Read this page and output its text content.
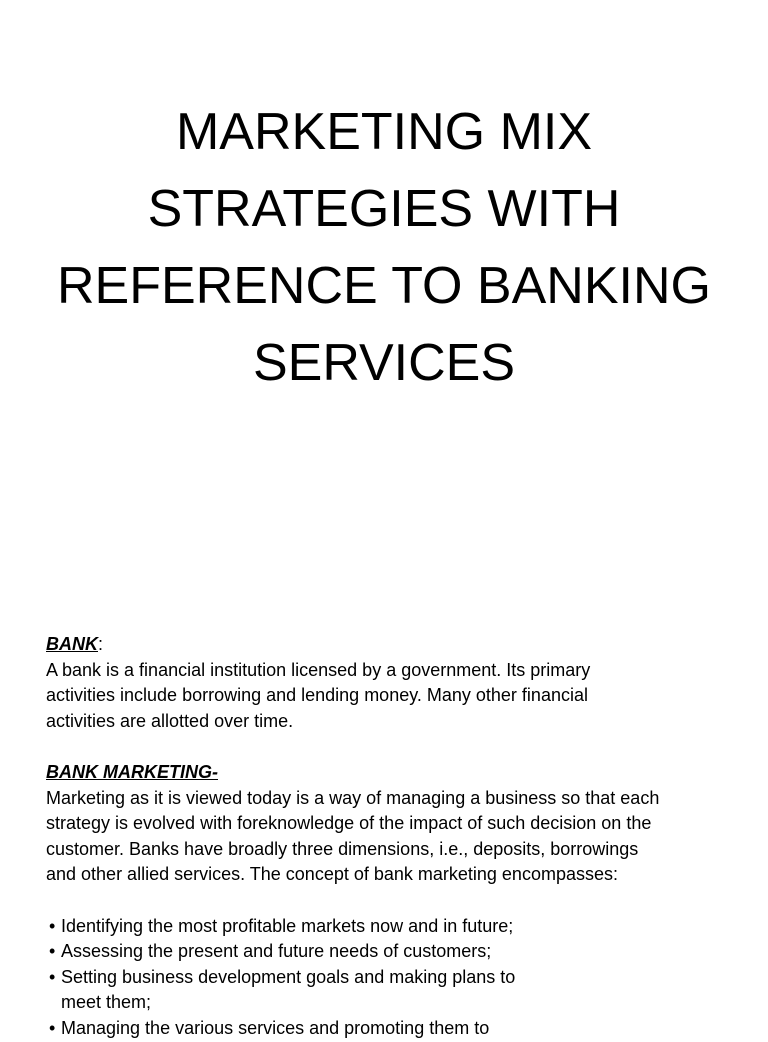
MARKETING MIX
STRATEGIES WITH
REFERENCE TO BANKING
SERVICES
BANK:
A bank is a financial institution licensed by a government. Its primary
activities include borrowing and lending money. Many other financial
activities are allotted over time.
BANK MARKETING-
Marketing as it is viewed today is a way of managing a business so that each
strategy is evolved with foreknowledge of the impact of such decision on the
customer. Banks have broadly three dimensions, i.e., deposits, borrowings
and other allied services. The concept of bank marketing encompasses:
• Identifying the most profitable markets now and in future;
• Assessing the present and future needs of customers;
• Setting business development goals and making plans to
meet them;
• Managing the various services and promoting them to
